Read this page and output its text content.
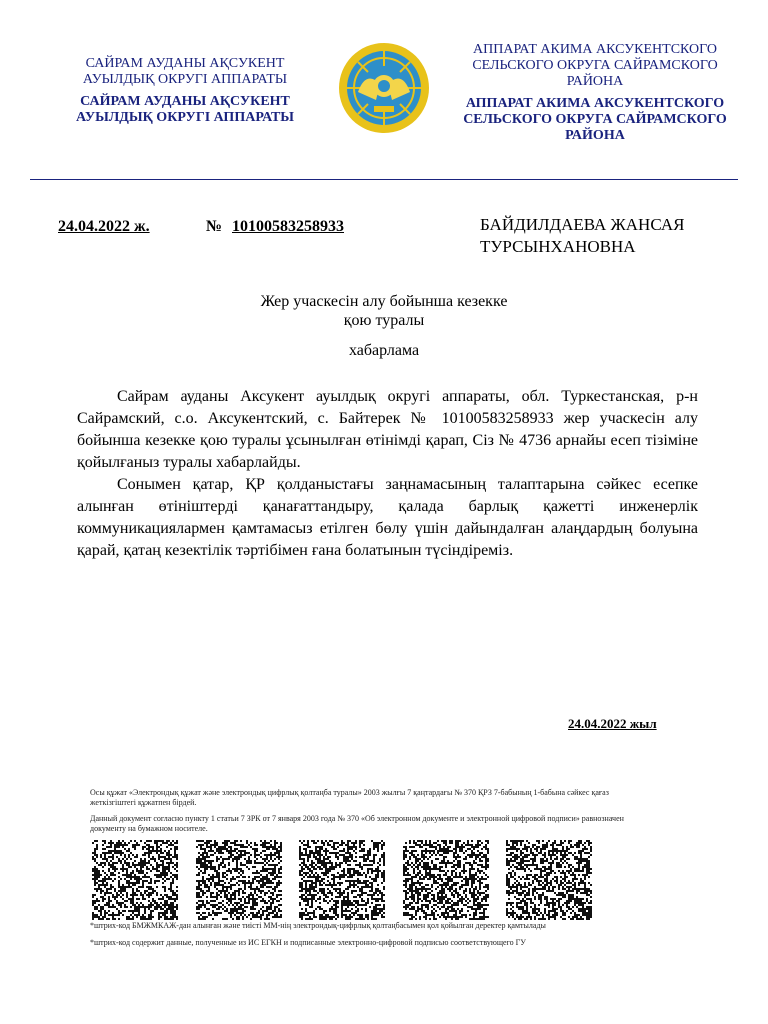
САЙРАМ АУДАНЫ АҚСУКЕНТ
АУЫЛДЫҚ ОКРУГІ АППАРАТЫ
САЙРАМ АУДАНЫ АҚСУКЕНТ
АУЫЛДЫҚ ОКРУГІ АППАРАТЫ
АППАРАТ АКИМА АКСУКЕНТСКОГО
СЕЛЬСКОГО ОКРУГА САЙРАМСКОГО
РАЙОНА
АППАРАТ АКИМА АКСУКЕНТСКОГО
СЕЛЬСКОГО ОКРУГА САЙРАМСКОГО
РАЙОНА
24.04.2022 ж.	№ 10100583258933	БАЙДИЛДАЕВА ЖАНСАЯ
ТУРСЫНХАНОВНА
Жер учаскесін алу бойынша кезекке
қою туралы
хабарлама

Сайрам ауданы Аксукент ауылдық округі аппараты, обл. Туркестанская, р-н Сайрамский, с.о. Аксукентский, с. Байтерек № 10100583258933 жер учаскесін алу бойынша кезекке қою туралы ұсынылған өтінімді қарап, Сіз № 4736 арнайы есеп тізіміне қойылғаныз туралы хабарлайды.

Сонымен қатар, ҚР қолданыстағы заңнамасының талаптарына сәйкес есепке алынған өтініштерді қанағаттандыру, қалада барлық қажетті инженерлік коммуникациялармен қамтамасыз етілген бөлу үшін дайындалған алаңдардың болуына қарай, қатаң кезектілік тәртібімен ғана болатынын түсіндіреміз.

24.04.2022 жыл
Осы құжат «Электрондық құжат және электрондық цифрлық қолтаңба туралы» 2003 жылғы 7 қаңтардағы № 370 ҚРЗ 7-бабының 1-бабына сәйкес қағаз жеткізгіштегі құжатпен бірдей.
Данный документ согласно пункту 1 статьи 7 ЗРК от 7 января 2003 года № 370 «Об электронном документе и электронной цифровой подписи» равнозначен документу на бумажном носителе.
*штрих-код БМЖМКАЖ-дан алынған және тиісті ММ-нің электрондық-цифрлық қолтаңбасымен қол қойылған деректер қамтылады
*штрих-код содержит данные, полученные из ИС ЕГКН и подписанные электронно-цифровой подписью соответствующего ГУ
